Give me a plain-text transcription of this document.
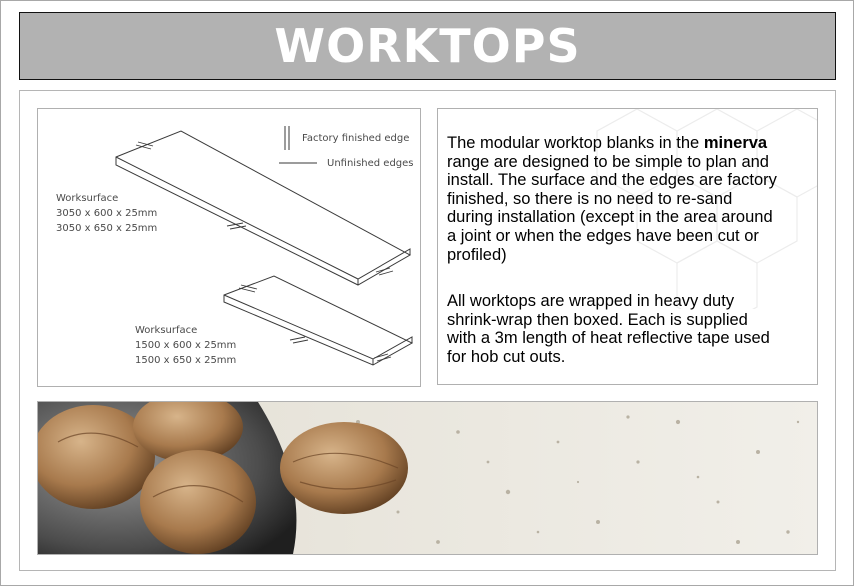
WORKTOPS
Factory finished edge
Unfinished edges
Worksurface
3050 x 600 x 25mm
3050 x 650 x 25mm
Worksurface
1500 x 600 x 25mm
1500 x 650 x 25mm
The modular worktop blanks in the minerva
range are designed to be simple to plan and
install. The surface and the edges are factory
finished, so there is no need to re-sand
during installation (except in the area around
a joint or when the edges have been cut or
profiled)
All worktops are wrapped in heavy duty
shrink-wrap then boxed. Each is supplied
with a 3m length of heat reflective tape used
for hob cut outs.
